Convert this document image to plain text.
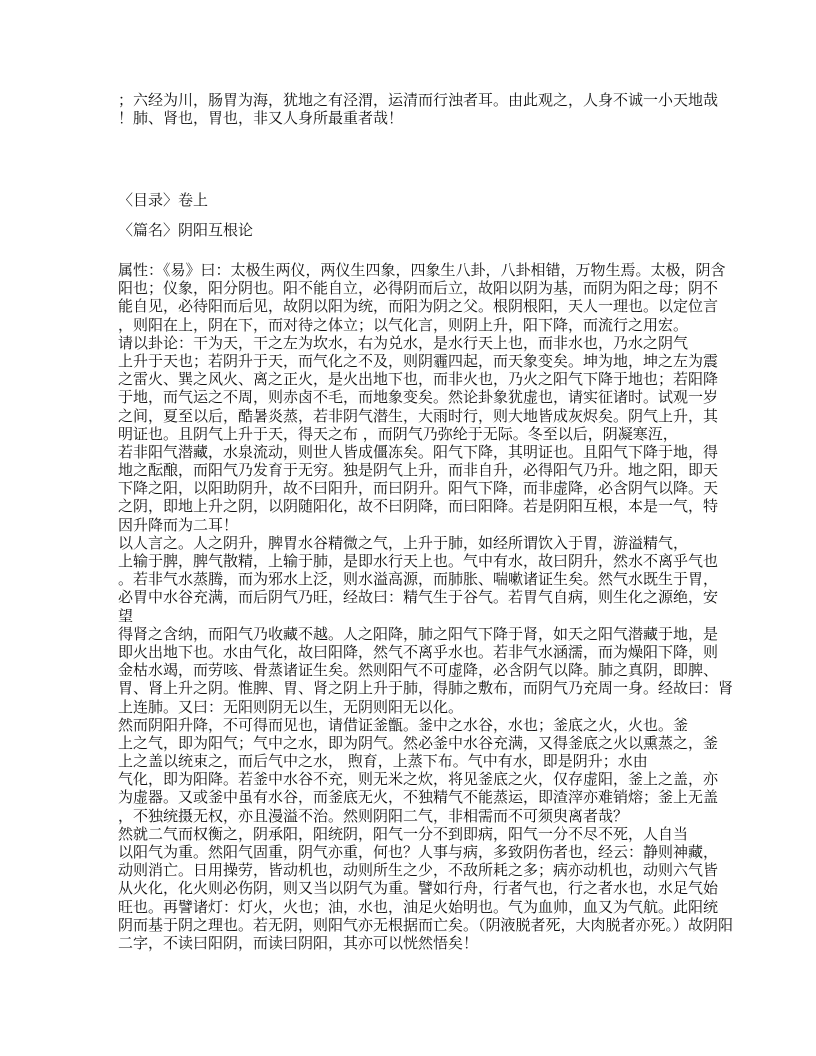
；六经为川，肠胃为海，犹地之有泾渭，运清而行浊者耳。由此观之，人身不诚一小天地哉
！肺、肾也，胃也，非又人身所最重者哉！
〈目录〉卷上
〈篇名〉阴阳互根论
属性：《易》曰：太极生两仪，两仪生四象，四象生八卦，八卦相错，万物生焉。太极，阴含
阳也；仪象，阳分阴也。阳不能自立，必得阴而后立，故阳以阴为基，而阴为阳之母；阴不
能自见，必待阳而后见，故阴以阳为统，而阳为阴之父。根阴根阳，天人一理也。以定位言
，则阳在上，阴在下，而对待之体立；以气化言，则阴上升，阳下降，而流行之用宏。
请以卦论：干为天，干之左为坎水，右为兑水，是水行天上也，而非水也，乃水之阴气
上升于天也；若阴升于天，而气化之不及，则阴霾四起，而天象变矣。坤为地，坤之左为震
之雷火、巽之风火、离之正火，是火出地下也，而非火也，乃火之阳气下降于地也；若阳降
于地，而气运之不周，则赤卤不毛，而地象变矣。然论卦象犹虚也，请实征诸时。试观一岁
之间，夏至以后，酷暑炎蒸，若非阴气潜生，大雨时行，则大地皆成灰烬矣。阴气上升，其
明证也。且阴气上升于天，得天之布 ，而阴气乃弥纶于无际。冬至以后，阴凝寒沍，
若非阳气潜藏，水泉流动，则世人皆成僵冻矣。阳气下降，其明证也。且阳气下降于地，得
地之酝酿，而阳气乃发育于无穷。独是阴气上升，而非自升，必得阳气乃升。地之阳，即天
下降之阳，以阳助阴升，故不曰阳升，而曰阴升。阳气下降，而非虚降，必含阴气以降。天
之阴，即地上升之阴，以阴随阳化，故不曰阴降，而曰阳降。若是阴阳互根，本是一气，特
因升降而为二耳！
以人言之。人之阴升，脾胃水谷精微之气，上升于肺，如经所谓饮入于胃，游溢精气，
上输于脾，脾气散精，上输于肺，是即水行天上也。气中有水，故曰阴升，然水不离乎气也
。若非气水蒸腾，而为邪水上泛，则水溢高源，而肺胀、喘嗽诸证生矣。然气水既生于胃，
必胃中水谷充满，而后阴气乃旺，经故曰：精气生于谷气。若胃气自病，则生化之源绝，安
望
得肾之含纳，而阳气乃收藏不越。人之阳降，肺之阳气下降于肾，如天之阳气潜藏于地，是
即火出地下也。水由气化，故曰阳降，然气不离乎水也。若非气水涵濡，而为燥阳下降，则
金枯水竭，而劳咳、骨蒸诸证生矣。然则阳气不可虚降，必含阴气以降。肺之真阴，即脾、
胃、肾上升之阴。惟脾、胃、肾之阴上升于肺，得肺之敷布，而阴气乃充周一身。经故曰：肾
上连肺。又曰：无阳则阴无以生，无阴则阳无以化。
然而阴阳升降，不可得而见也，请借证釜甑。釜中之水谷，水也；釜底之火，火也。釜
上之气，即为阳气；气中之水，即为阴气。然必釜中水谷充满，又得釜底之火以熏蒸之，釜
上之盖以统束之，而后气中之水， 煦育，上蒸下布。气中有水，即是阴升；水由
气化，即为阳降。若釜中水谷不充，则无米之炊，将见釜底之火，仅存虚阳，釜上之盖，亦
为虚器。又或釜中虽有水谷，而釜底无火，不独精气不能蒸运，即渣滓亦难销熔；釜上无盖
，不独统摄无权，亦且漫溢不治。然则阴阳二气，非相需而不可须臾离者哉？
然就二气而权衡之，阴承阳，阳统阴，阳气一分不到即病，阳气一分不尽不死，人自当
以阳气为重。然阳气固重，阴气亦重，何也？人事与病，多致阴伤者也，经云：静则神藏，
动则消亡。日用操劳，皆动机也，动则所生之少，不敌所耗之多；病亦动机也，动则六气皆
从火化，化火则必伤阴，则又当以阴气为重。譬如行舟，行者气也，行之者水也，水足气始
旺也。再譬诸灯：灯火，火也；油，水也，油足火始明也。气为血帅，血又为气航。此阳统
阴而基于阴之理也。若无阴，则阳气亦无根据而亡矣。（阴液脱者死，大肉脱者亦死。）故阴阳
二字，不读曰阳阴，而读曰阴阳，其亦可以恍然悟矣！
